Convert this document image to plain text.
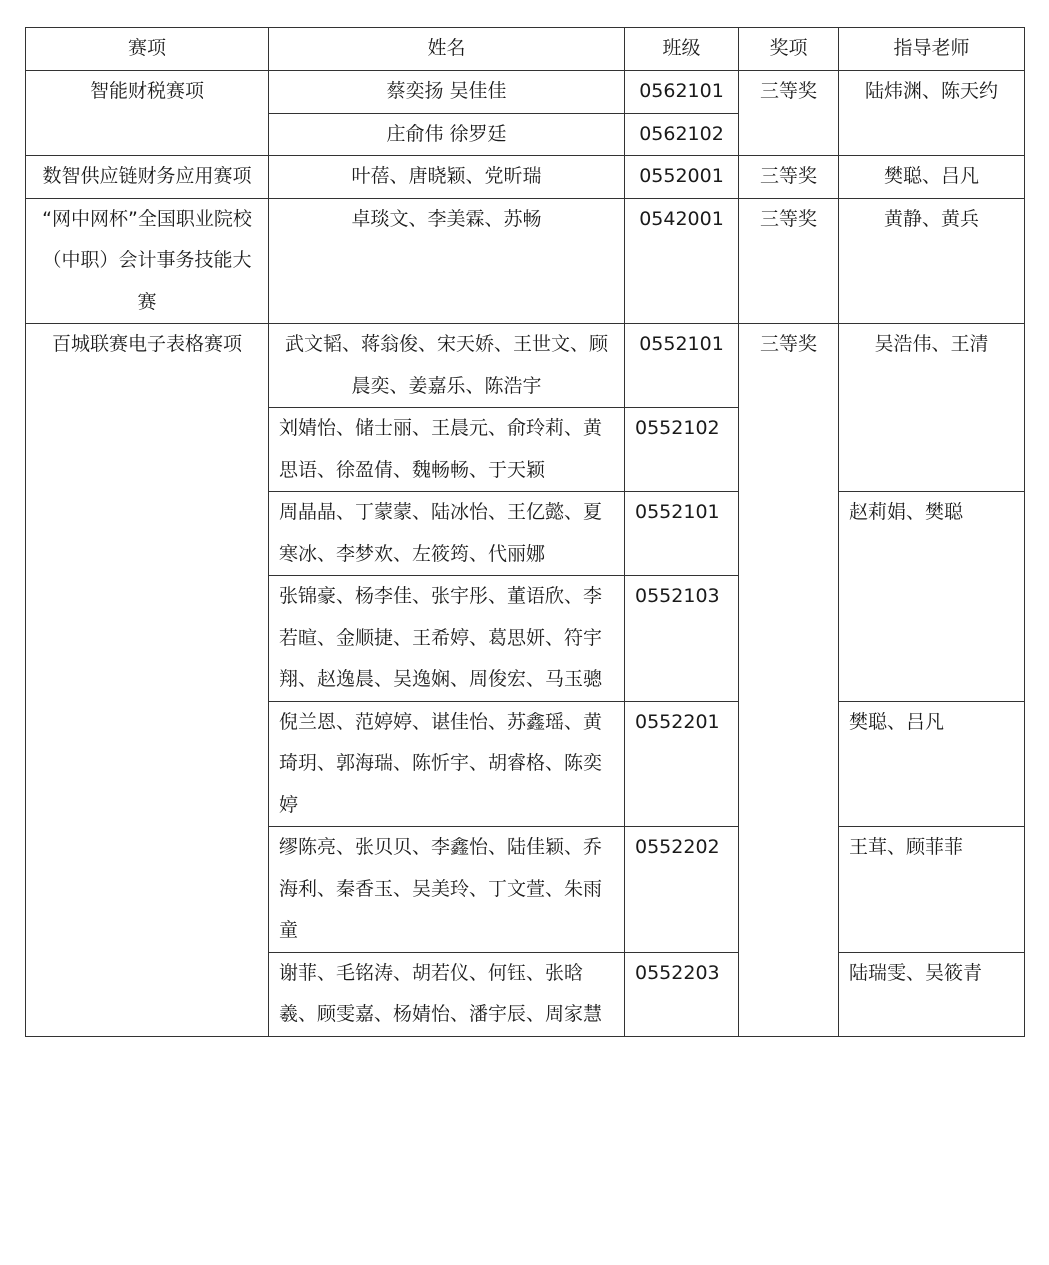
赛项	姓名	班级	奖项	指导老师
智能财税赛项	蔡奕扬 吴佳佳	0562101	三等奖	陆炜渊、陈天约
	庄俞伟 徐罗廷	0562102		
数智供应链财务应用赛项	叶蓓、唐晓颖、党昕瑞	0552001	三等奖	樊聪、吕凡
“网中网杯”全国职业院校（中职）会计事务技能大赛	卓琰文、李美霖、苏畅	0542001	三等奖	黄静、黄兵
百城联赛电子表格赛项	武文韬、蒋翁俊、宋天娇、王世文、顾晨奕、姜嘉乐、陈浩宇	0552101	三等奖	吴浩伟、王清
	刘婧怡、储士丽、王晨元、俞玲莉、黄思语、徐盈倩、魏畅畅、于天颖	0552102		
	周晶晶、丁蒙蒙、陆冰怡、王亿懿、夏寒冰、李梦欢、左筱筠、代丽娜	0552101		赵莉娟、樊聪
	张锦豪、杨李佳、张宇彤、董语欣、李若暄、金顺捷、王希婷、葛思妍、符宇翔、赵逸晨、吴逸娴、周俊宏、马玉骢	0552103		
	倪兰恩、范婷婷、谌佳怡、苏鑫瑶、黄琦玥、郭海瑞、陈忻宇、胡睿格、陈奕婷	0552201		樊聪、吕凡
	缪陈亮、张贝贝、李鑫怡、陆佳颖、乔海利、秦香玉、吴美玲、丁文萱、朱雨童	0552202		王茸、顾菲菲
	谢菲、毛铭涛、胡若仪、何钰、张晗羲、顾雯嘉、杨婧怡、潘宇辰、周家慧	0552203		陆瑞雯、吴筱青
